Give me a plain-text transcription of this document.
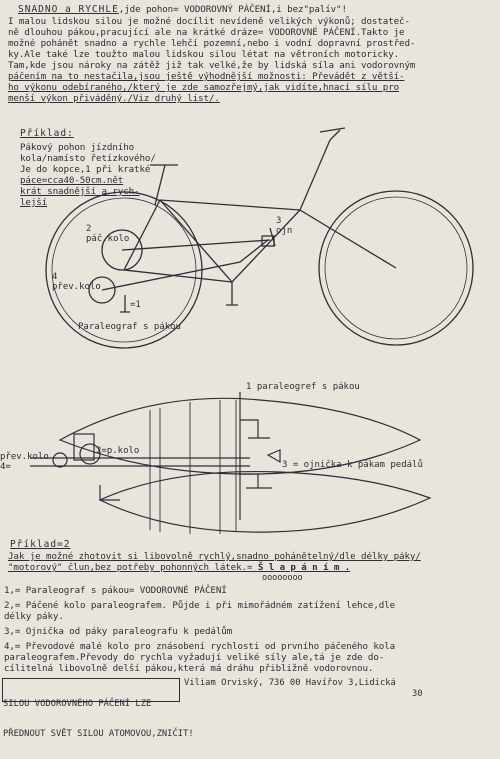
SNADNO a RYCHLE,jde pohon= VODOROVNÝ PÁČENÍ,i bez"palív"!
I malou lidskou silou je možné docílit nevídeně velikých výkonů; dostateč-
ně dlouhou pákou,pracující ale na krátké dráze= VODOROVNÉ PÁČENÍ.Takto je
možné pohánět snadno a rychle lehčí pozemní,nebo i vodní dopravní prostřed-
ky.Ale také lze toužto malou lidskou silou létat na větroních motoricky.
Tam,kde jsou nároky na zátěž již tak velké,že by lidská síla ani vodorovným
páčením na to nestačila,jsou ještě výhodnější možnosti: Převádět z větší-
ho výkonu odebíraného,/který je zde samozřejmý,jak vidíte,hnací sílu pro
menší výkon přiváděný./Viz druhý list/.
Příklad:
Pákový pohon jízdního
kola/namísto řetízkového/
Je do kopce,1 při kratké
páce=cca40-50cm.nět
krát snadnější a rych-
lejší
2
páč.kolo
4
přev.kolo
3
ojn
=1
Paraleograf s pákou
1 paraleogref s pákou
2=p.kolo
3 = ojnička k pákam pedálů
přev.kolo
4=
Příklad=2
Jak je možné zhotovit si libovolně rychlý,snadno pohánětelný/dle délky páky/
"motorový" člun,bez potřeby pohonných látek.= Š l a p á n í m .
oooooooo
1,= Paraleograf s pákou= VODOROVNÉ PÁČENÍ
2,= Páčené kolo paraleografem. Půjde i při mimořádném zatížení lehce,dle
délky páky.
3,= Ojnička od páky paraleografu k pedálům
4,= Převodové malé kolo pro znásobení rychlosti od prvního páčeného kola
paraleografem.Převody do rychla vyžadují veliké síly ale,tá je zde do-
cílitelná libovolně delší pákou,která má dráhu přibližně vodorovnou.

SILOU VODOROVNÉHO PÁČENÍ LZE

PŘEDNOUT SVĚT SILOU ATOMOVOU,ZNIČIT!

Viliam Orviský, 736 00 Havířov 3,Lidická
30
